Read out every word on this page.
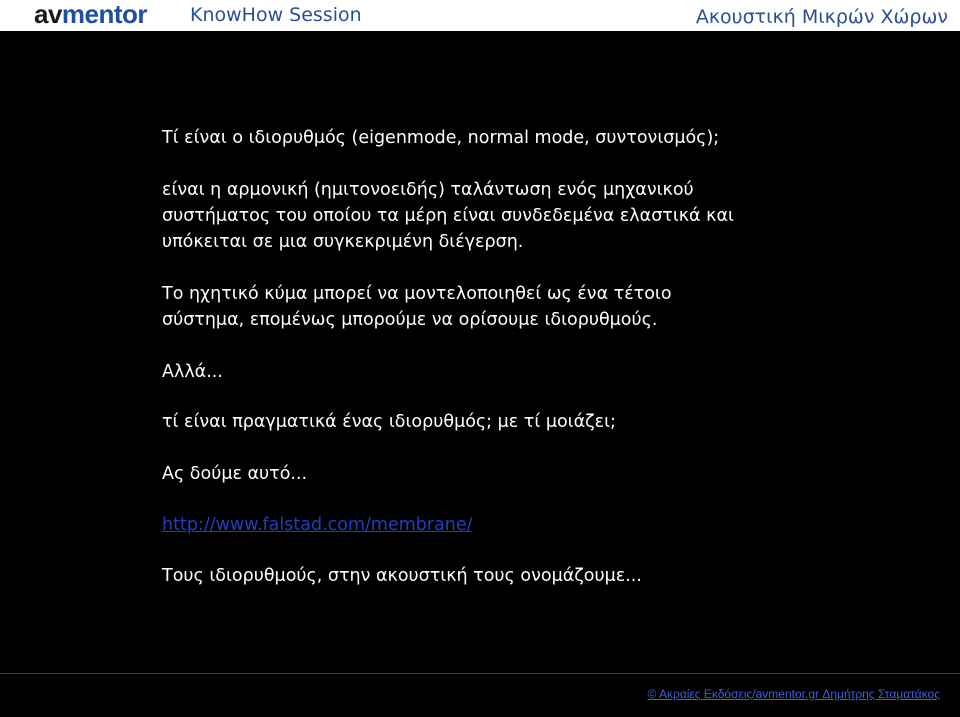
avmentor KnowHow Session	Ακουστική Μικρών Χώρων

Τί είναι ο ιδιορυθμός (eigenmode, normal mode, συντονισμός);

είναι η αρμονική (ημιτονοειδής) ταλάντωση ενός μηχανικού
συστήματος του οποίου τα μέρη είναι συνδεδεμένα ελαστικά και
υπόκειται σε μια συγκεκριμένη διέγερση.

Το ηχητικό κύμα μπορεί να μοντελοποιηθεί ως ένα τέτοιο
σύστημα, επομένως μπορούμε να ορίσουμε ιδιορυθμούς.

Αλλά...

τί είναι πραγματικά ένας ιδιορυθμός; με τί μοιάζει;

Ας δούμε αυτό...

http://www.falstad.com/membrane/

Τους ιδιορυθμούς, στην ακουστική τους ονομάζουμε...

© Ακραίες Εκδόσεις/avmentor.gr Δημήτρης Σταματάκος
